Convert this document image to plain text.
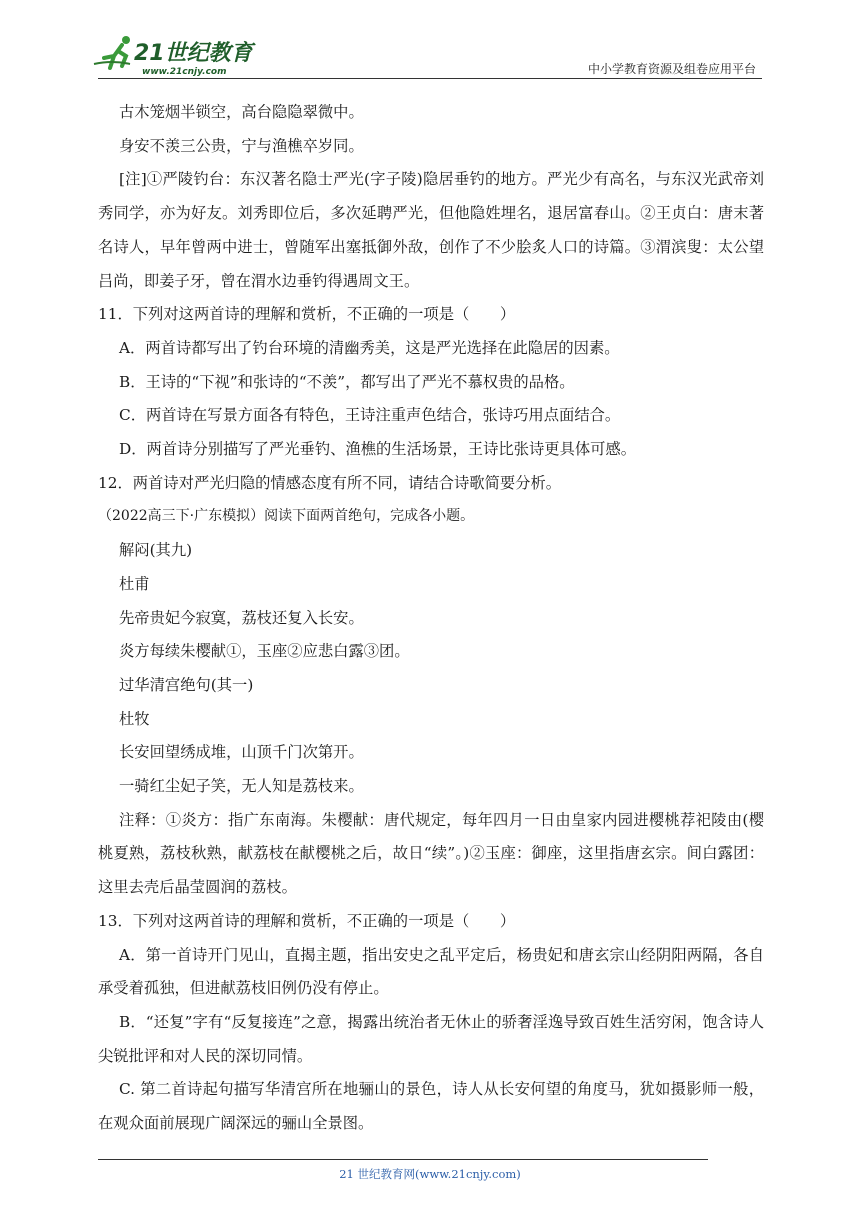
21世纪教育
www.21cnjy.com	中小学教育资源及组卷应用平台

古木笼烟半锁空，高台隐隐翠微中。

身安不羡三公贵，宁与渔樵卒岁同。

[注]①严陵钓台：东汉著名隐士严光(字子陵)隐居垂钓的地方。严光少有高名，与东汉光武帝刘秀同学，亦为好友。刘秀即位后，多次延聘严光，但他隐姓埋名，退居富春山。②王贞白：唐末著名诗人，早年曾两中进士，曾随军出塞抵御外敌，创作了不少脍炙人口的诗篇。③渭滨叟：太公望吕尚，即姜子牙，曾在渭水边垂钓得遇周文王。

11．下列对这两首诗的理解和赏析，不正确的一项是（　　）

A．两首诗都写出了钓台环境的清幽秀美，这是严光选择在此隐居的因素。

B．王诗的“下视”和张诗的“不羡”，都写出了严光不慕权贵的品格。

C．两首诗在写景方面各有特色，王诗注重声色结合，张诗巧用点面结合。

D．两首诗分别描写了严光垂钓、渔樵的生活场景，王诗比张诗更具体可感。

12．两首诗对严光归隐的情感态度有所不同，请结合诗歌简要分析。

（2022高三下·广东模拟）阅读下面两首绝句，完成各小题。

解闷(其九)

杜甫

先帝贵妃今寂寞，荔枝还复入长安。

炎方每续朱樱献①，玉座②应悲白露③团。

过华清宫绝句(其一)

杜牧

长安回望绣成堆，山顶千门次第开。

一骑红尘妃子笑，无人知是荔枝来。

注释：①炎方：指广东南海。朱樱献：唐代规定，每年四月一日由皇家内园进樱桃荐祀陵由(樱桃夏熟，荔枝秋熟，献荔枝在献樱桃之后，故日“续”。)②玉座：御座，这里指唐玄宗。间白露团：这里去壳后晶莹圆润的荔枝。

13．下列对这两首诗的理解和赏析，不正确的一项是（　　）

A．第一首诗开门见山，直揭主题，指出安史之乱平定后，杨贵妃和唐玄宗山经阴阳两隔，各自承受着孤独，但进献荔枝旧例仍没有停止。

B．“还复”字有“反复接连”之意，揭露出统治者无休止的骄奢淫逸导致百姓生活穷闲，饱含诗人尖锐批评和对人民的深切同情。

C. 第二首诗起句描写华清宫所在地骊山的景色，诗人从长安何望的角度马，犹如摄影师一般，在观众面前展现广阔深远的骊山全景图。

21 世纪教育网(www.21cnjy.com)
